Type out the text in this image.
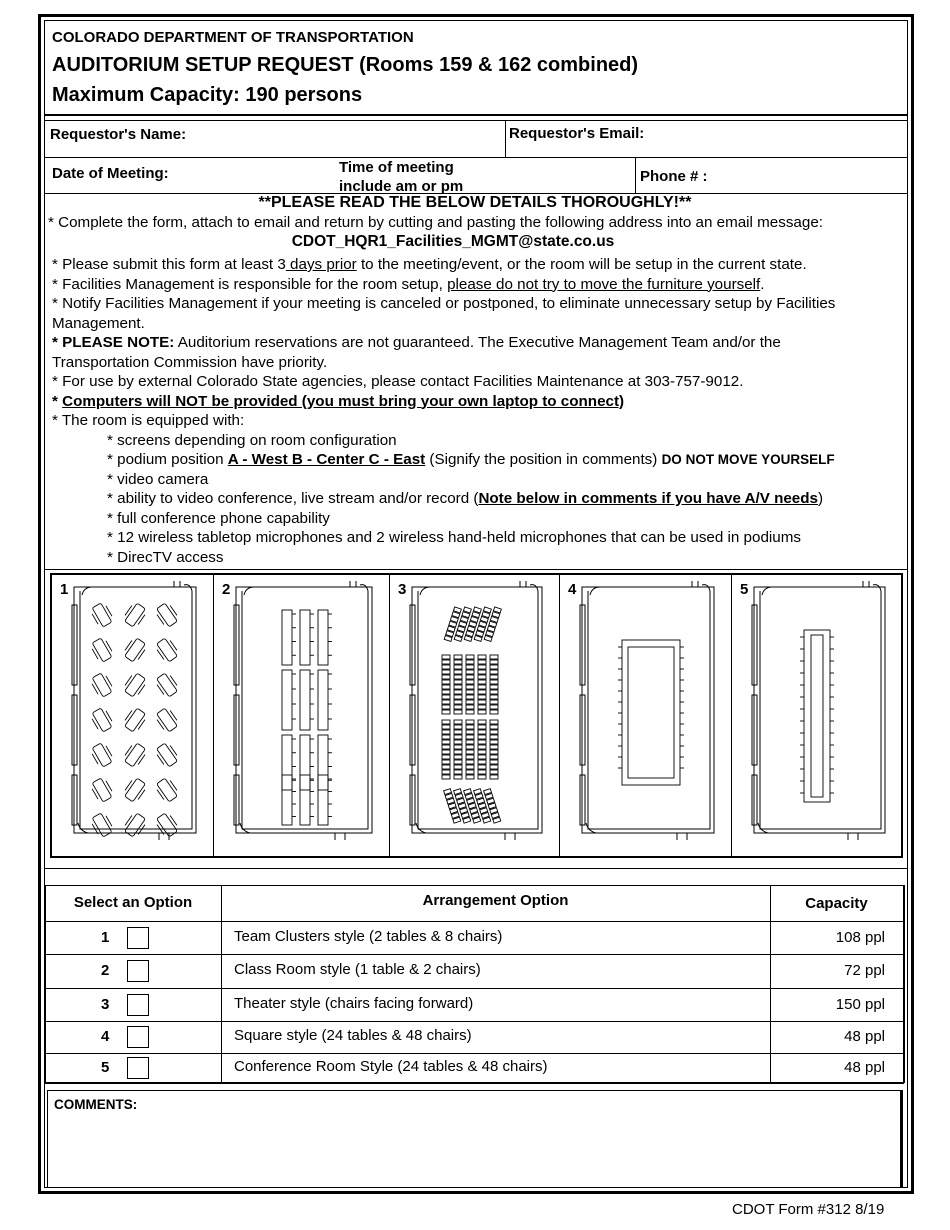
COLORADO DEPARTMENT OF TRANSPORTATION
AUDITORIUM SETUP REQUEST (Rooms 159 & 162 combined)
Maximum Capacity: 190 persons
Requestor's Name:	Requestor's Email:
Date of Meeting:	Time of meeting
include am or pm
Phone # :
**PLEASE READ THE BELOW DETAILS THOROUGHLY!**
* Complete the form, attach to email and return by cutting and pasting the following address into an email message:
CDOT_HQR1_Facilities_MGMT@state.co.us
* Please submit this form at least 3 days prior to the meeting/event, or the room will be setup in the current state.
* Facilities Management is responsible for the room setup, please do not try to move the furniture yourself.
* Notify Facilities Management if your meeting is canceled or postponed, to eliminate unnecessary setup by Facilities
Management.
* PLEASE NOTE: Auditorium reservations are not guaranteed. The Executive Management Team and/or the
Transportation Commission have priority.
* For use by external Colorado State agencies, please contact Facilities Maintenance at 303-757-9012.
* Computers will NOT be provided (you must bring your own laptop to connect)
* The room is equipped with:
* screens depending on room configuration
* podium position A - West B - Center C - East (Signify the position in comments) DO NOT MOVE YOURSELF
* video camera
* ability to video conference, live stream and/or record (Note below in comments if you have A/V needs)
* full conference phone capability
* 12 wireless tabletop microphones and 2 wireless hand-held microphones that can be used in podiums
* DirecTV access
1	2	3	4	5
Select an Option	Arrangement Option	Capacity
1	Team Clusters style (2 tables & 8 chairs)	108 ppl
2	Class Room style (1 table & 2 chairs)	72 ppl
3	Theater style (chairs facing forward)	150 ppl
4	Square style (24 tables & 48 chairs)	48 ppl
5	Conference Room Style (24 tables & 48 chairs)	48 ppl
COMMENTS:
CDOT Form #312 8/19
